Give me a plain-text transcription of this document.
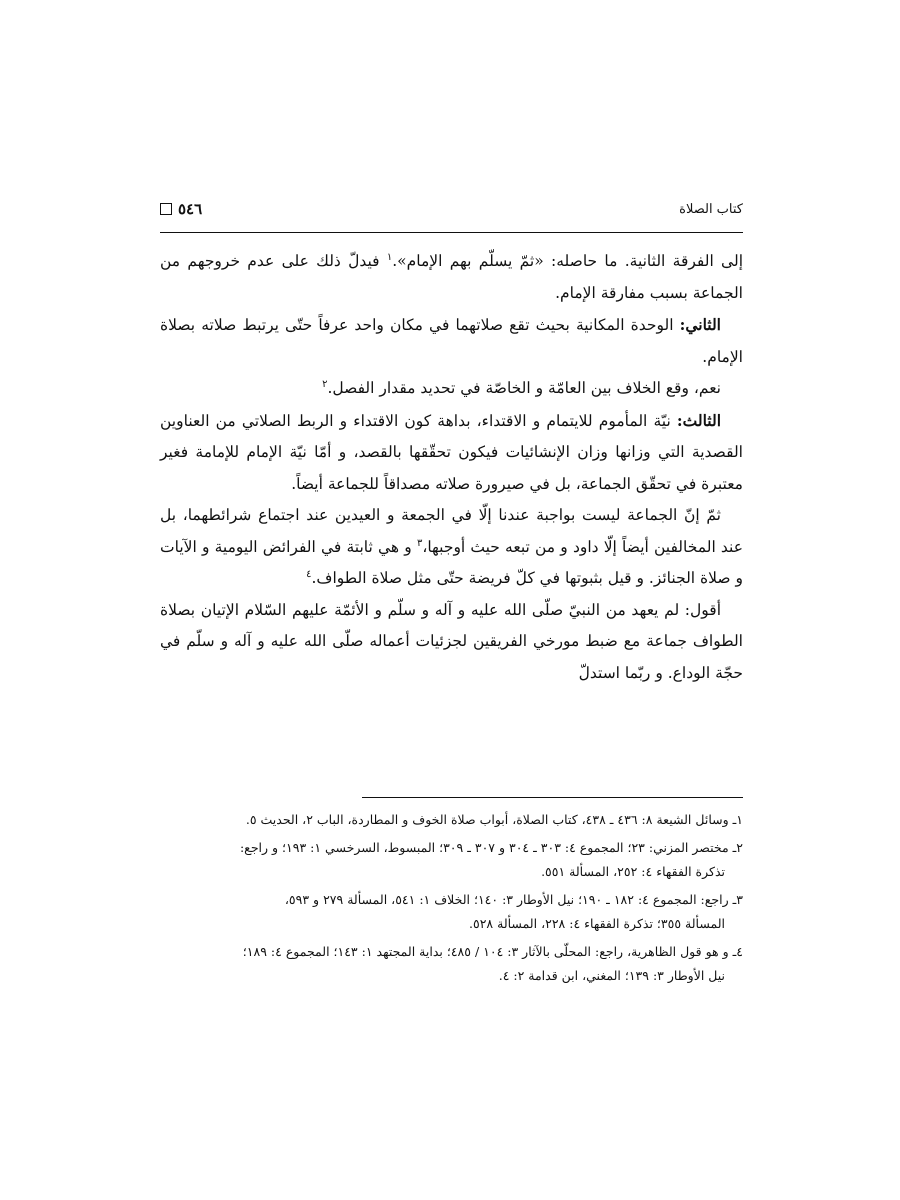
كتاب الصلاة
٥٤٦

إلى الفرقة الثانية. ما حاصله: «ثمّ يسلّم بهم الإمام».$^١$ فيدلّ ذلك على عدم خروجهم من الجماعة بسبب مفارقة الإمام.

الثاني: الوحدة المكانية بحيث تقع صلاتهما في مكان واحد عرفاً حتّى يرتبط صلاته بصلاة الإمام.

نعم، وقع الخلاف بين العامّة و الخاصّة في تحديد مقدار الفصل.$^٢$

الثالث: نيّة المأموم للايتمام و الاقتداء، بداهة كون الاقتداء و الربط الصلاتي من العناوين القصدية التي وزانها وزان الإنشائيات فيكون تحقّقها بالقصد، و أمّا نيّة الإمام للإمامة فغير معتبرة في تحقّق الجماعة، بل في صيرورة صلاته مصداقاً للجماعة أيضاً.

ثمّ إنّ الجماعة ليست بواجبة عندنا إلّا في الجمعة و العيدين عند اجتماع شرائطهما، بل عند المخالفين أيضاً إلّا داود و من تبعه حيث أوجبها،$^٣$ و هي ثابتة في الفرائض اليومية و الآيات و صلاة الجنائز. و قيل بثبوتها في كلّ فريضة حتّى مثل صلاة الطواف.$^٤$

أقول: لم يعهد من النبيّ صلّى الله عليه و آله و سلّم و الأئمّة عليهم السّلام الإتيان بصلاة الطواف جماعة مع ضبط مورخي الفريقين لجزئيات أعماله صلّى الله عليه و آله و سلّم في حجّة الوداع. و ربّما استدلّ

١ـ وسائل الشيعة ٨: ٤٣٦ ـ ٤٣٨، كتاب الصلاة، أبواب صلاة الخوف و المطاردة، الباب ٢، الحديث ٥.

٢ـ مختصر المزني: ٢٣؛ المجموع ٤: ٣٠٣ ـ ٣٠٤ و ٣٠٧ ـ ٣٠٩؛ المبسوط، السرخسي ١: ١٩٣؛ و راجع:
تذكرة الفقهاء ٤: ٢٥٢، المسألة ٥٥١.

٣ـ راجع: المجموع ٤: ١٨٢ ـ ١٩٠؛ نيل الأوطار ٣: ١٤٠؛ الخلاف ١: ٥٤١، المسألة ٢٧٩ و ٥٩٣،
المسألة ٣٥٥؛ تذكرة الفقهاء ٤: ٢٢٨، المسألة ٥٢٨.

٤ـ و هو قول الظاهرية، راجع: المحلّى بالآثار ٣: ١٠٤ / ٤٨٥؛ بداية المجتهد ١: ١٤٣؛ المجموع ٤: ١٨٩؛
نيل الأوطار ٣: ١٣٩؛ المغني، ابن قدامة ٢: ٤.
